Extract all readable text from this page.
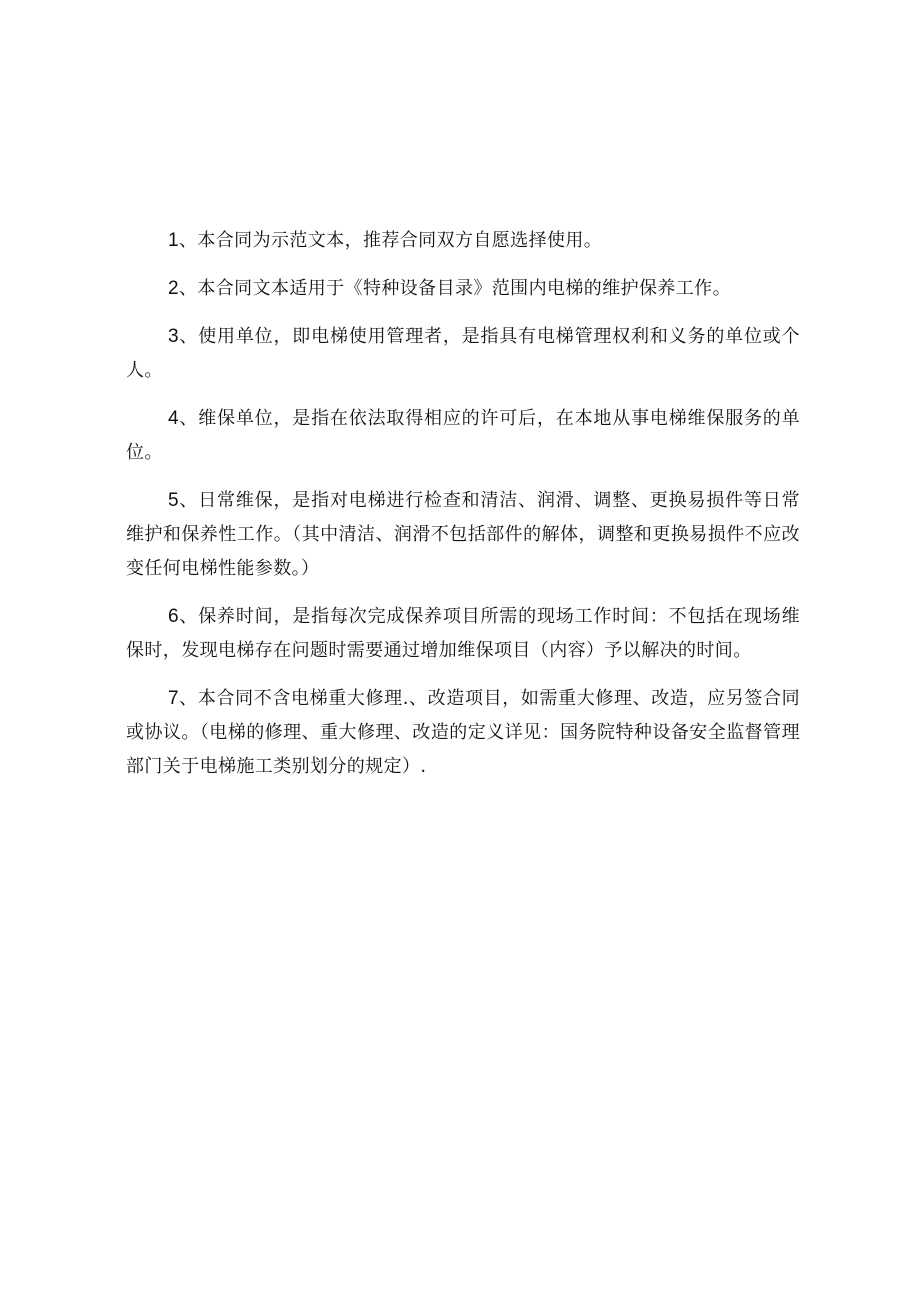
1、本合同为示范文本，推荐合同双方自愿选择使用。

2、本合同文本适用于《特种设备目录》范围内电梯的维护保养工作。

3、使用单位，即电梯使用管理者，是指具有电梯管理权利和义务的单位或个人。

4、维保单位，是指在依法取得相应的许可后，在本地从事电梯维保服务的单位。

5、日常维保，是指对电梯进行检查和清洁、润滑、调整、更换易损件等日常维护和保养性工作。（其中清洁、润滑不包括部件的解体，调整和更换易损件不应改变任何电梯性能参数。）

6、保养时间，是指每次完成保养项目所需的现场工作时间：不包括在现场维保时，发现电梯存在问题时需要通过增加维保项目（内容）予以解决的时间。

7、本合同不含电梯重大修理.、改造项目，如需重大修理、改造，应另签合同或协议。（电梯的修理、重大修理、改造的定义详见：国务院特种设备安全监督管理部门关于电梯施工类别划分的规定）.
